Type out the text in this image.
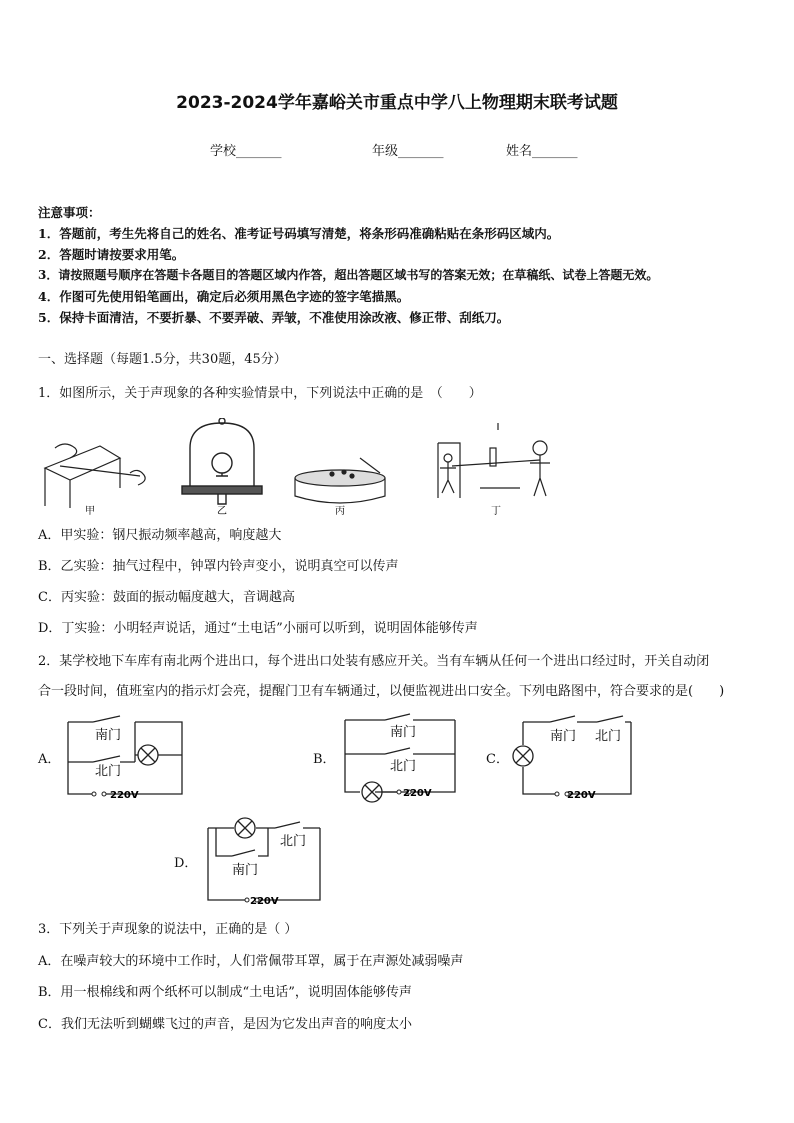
2023-2024学年嘉峪关市重点中学八上物理期末联考试题
学校_______	年级_______	姓名_______
注意事项：
1．答题前，考生先将自己的姓名、准考证号码填写清楚，将条形码准确粘贴在条形码区域内。
2．答题时请按要求用笔。
3．请按照题号顺序在答题卡各题目的答题区域内作答，超出答题区域书写的答案无效；在草稿纸、试卷上答题无效。
4．作图可先使用铅笔画出，确定后必须用黑色字迹的签字笔描黑。
5．保持卡面清洁，不要折暴、不要弄破、弄皱，不准使用涂改液、修正带、刮纸刀。
一、选择题（每题1.5分，共30题，45分）
1．如图所示，关于声现象的各种实验情景中，下列说法中正确的是　（　　）
甲	乙	丙	丁
A．甲实验：钢尺振动频率越高，响度越大
B．乙实验：抽气过程中，钟罩内铃声变小，说明真空可以传声
C．丙实验：鼓面的振动幅度越大，音调越高
D．丁实验：小明轻声说话，通过“土电话”小丽可以听到，说明固体能够传声
2．某学校地下车库有南北两个进出口，每个进出口处装有感应开关。当有车辆从任何一个进出口经过时，开关自动闭
合一段时间，值班室内的指示灯会亮，提醒门卫有车辆通过，以便监视进出口安全。下列电路图中，符合要求的是(　　)
A．
南门
北门
220V
B．
南门
北门
220V
C．
南门 北门
220V
D．
北门
南门
220V
3．下列关于声现象的说法中，正确的是（ ）
A．在噪声较大的环境中工作时，人们常佩带耳罩，属于在声源处减弱噪声
B．用一根棉线和两个纸杯可以制成“土电话”，说明固体能够传声
C．我们无法听到蝴蝶飞过的声音，是因为它发出声音的响度太小
